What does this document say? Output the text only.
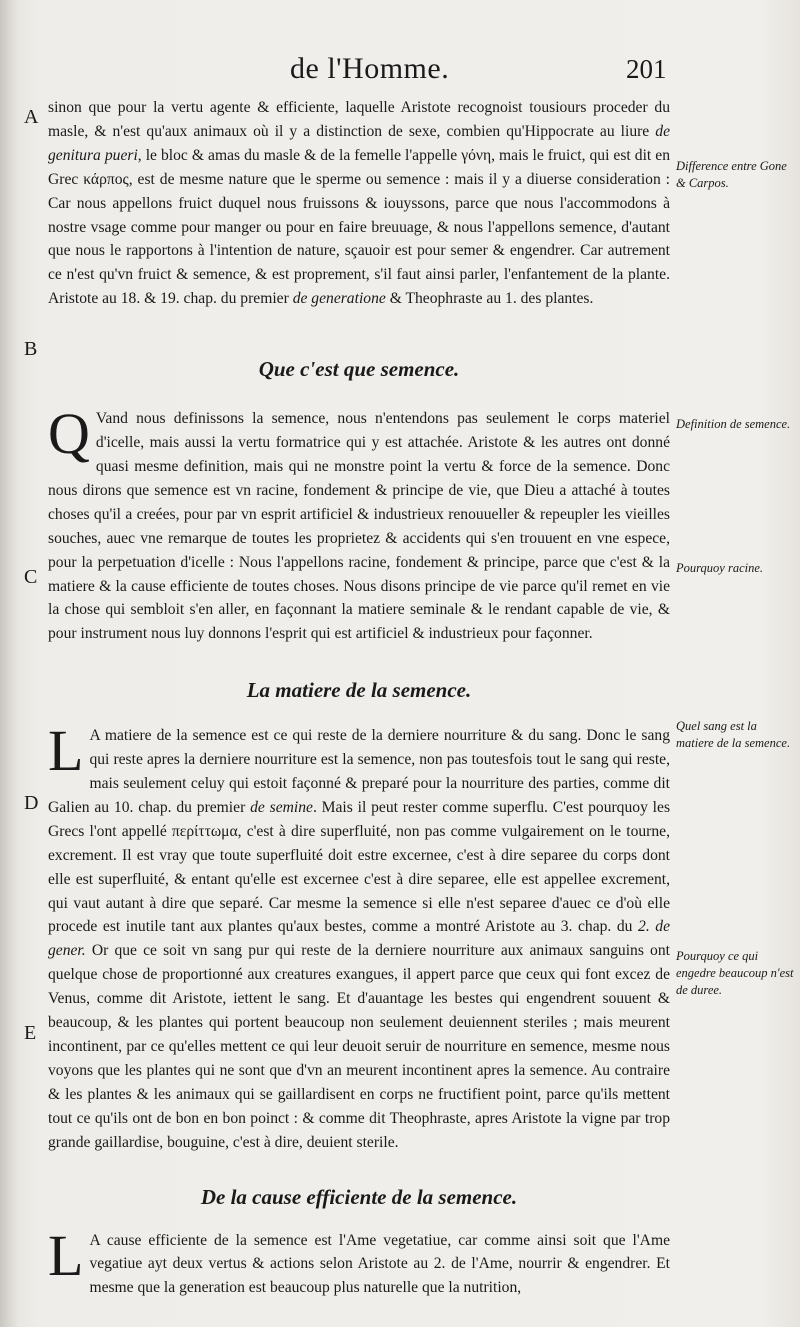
de l'Homme.	201
A
B
C
D
E
Difference entre Gone & Carpos.
Definition de semence.
Pourquoy racine.
Quel sang est la matiere de la semence.
Pourquoy ce qui engedre beaucoup n'est de duree.

sinon que pour la vertu agente & efficiente, laquelle Aristote recognoist tousiours proceder du masle, & n'est qu'aux animaux où il y a distinction de sexe, combien qu'Hippocrate au liure de genitura pueri, le bloc & amas du masle & de la femelle l'appelle γόνη, mais le fruict, qui est dit en Grec κάρπος, est de mesme nature que le sperme ou semence : mais il y a diuerse consideration : Car nous appellons fruict duquel nous fruissons & iouyssons, parce que nous l'accommodons à nostre vsage comme pour manger ou pour en faire breuuage, & nous l'appellons semence, d'autant que nous le rapportons à l'intention de nature, sçauoir est pour semer & engendrer. Car autrement ce n'est qu'vn fruict & semence, & est proprement, s'il faut ainsi parler, l'enfantement de la plante. Aristote au 18. & 19. chap. du premier de generatione & Theophraste au 1. des plantes.

Que c'est que semence.

Q Vand nous definissons la semence, nous n'entendons pas seulement le corps materiel d'icelle, mais aussi la vertu formatrice qui y est attachée. Aristote & les autres ont donné quasi mesme definition, mais qui ne monstre point la vertu & force de la semence. Donc nous dirons que semence est vn racine, fondement & principe de vie, que Dieu a attaché à toutes choses qu'il a creées, pour par vn esprit artificiel & industrieux renouueller & repeupler les vieilles souches, auec vne remarque de toutes les proprietez & accidents qui s'en trouuent en vne espece, pour la perpetuation d'icelle : Nous l'appellons racine, fondement & principe, parce que c'est & la matiere & la cause efficiente de toutes choses. Nous disons principe de vie parce qu'il remet en vie la chose qui sembloit s'en aller, en façonnant la matiere seminale & le rendant capable de vie, & pour instrument nous luy donnons l'esprit qui est artificiel & industrieux pour façonner.

La matiere de la semence.

L A matiere de la semence est ce qui reste de la derniere nourriture & du sang. Donc le sang qui reste apres la derniere nourriture est la semence, non pas toutesfois tout le sang qui reste, mais seulement celuy qui estoit façonné & preparé pour la nourriture des parties, comme dit Galien au 10. chap. du premier de semine. Mais il peut rester comme superflu. C'est pourquoy les Grecs l'ont appellé περίττωμα, c'est à dire superfluité, non pas comme vulgairement on le tourne, excrement. Il est vray que toute superfluité doit estre excernee, c'est à dire separee du corps dont elle est superfluité, & entant qu'elle est excernee c'est à dire separee, elle est appellee excrement, qui vaut autant à dire que separé. Car mesme la semence si elle n'est separee d'auec ce d'où elle procede est inutile tant aux plantes qu'aux bestes, comme a montré Aristote au 3. chap. du 2. de gener. Or que ce soit vn sang pur qui reste de la derniere nourriture aux animaux sanguins ont quelque chose de proportionné aux creatures exangues, il appert parce que ceux qui font excez de Venus, comme dit Aristote, iettent le sang. Et d'auantage les bestes qui engendrent souuent & beaucoup, & les plantes qui portent beaucoup non seulement deuiennent steriles ; mais meurent incontinent, par ce qu'elles mettent ce qui leur deuoit seruir de nourriture en semence, mesme nous voyons que les plantes qui ne sont que d'vn an meurent incontinent apres la semence. Au contraire & les plantes & les animaux qui se gaillardisent en corps ne fructifient point, parce qu'ils mettent tout ce qu'ils ont de bon en bon poinct : & comme dit Theophraste, apres Aristote la vigne par trop grande gaillardise, bouguine, c'est à dire, deuient sterile.

De la cause efficiente de la semence.

L A cause efficiente de la semence est l'Ame vegetatiue, car comme ainsi soit que l'Ame vegatiue ayt deux vertus & actions selon Aristote au 2. de l'Ame, nourrir & engendrer. Et mesme que la generation est beaucoup plus naturelle que la nutrition,
